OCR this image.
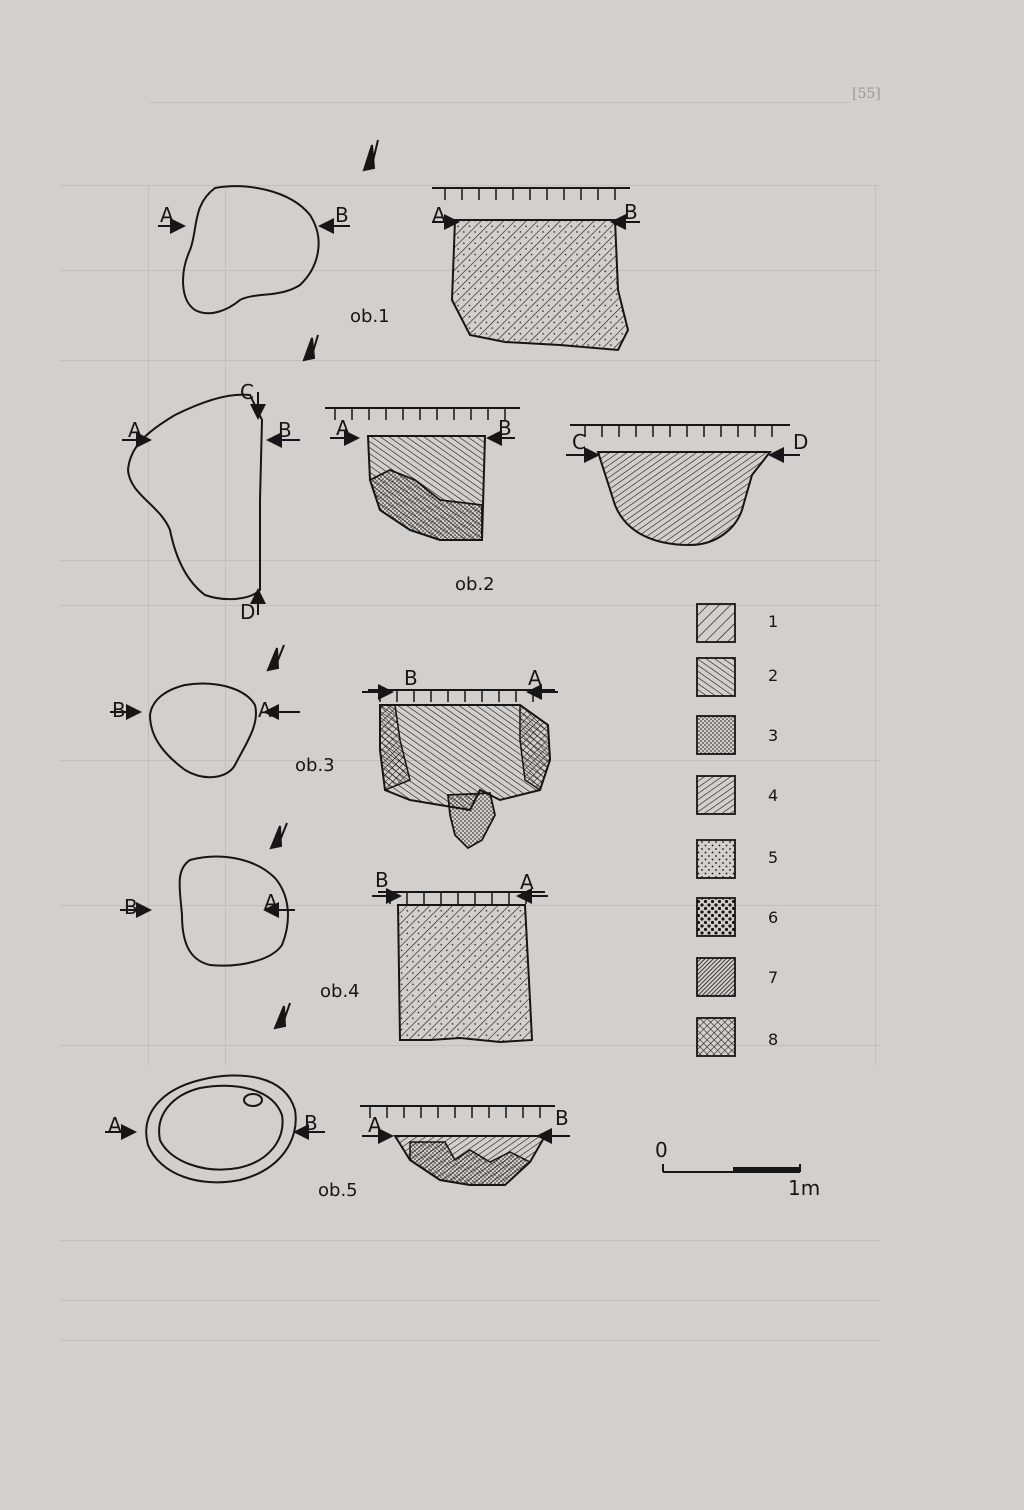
[55]
A	B	A	B
ob.1
A	B
C
D
A	B
C	D
ob.2
1
2
3
4
5
6
7
8
B	A
B	A
ob.3
B	A
B	A
ob.4
A	B	A	B
ob.5
0
1m
